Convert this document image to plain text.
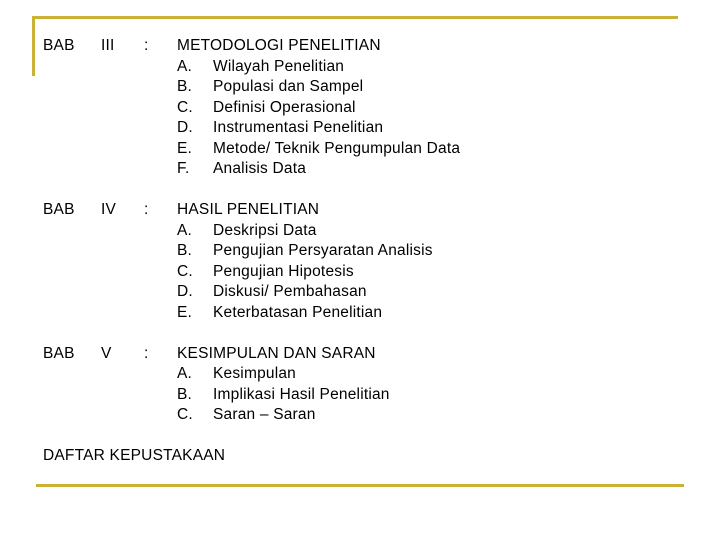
BAB	III	:	METODOLOGI PENELITIAN
A.	Wilayah Penelitian
B.	Populasi dan Sampel
C.	Definisi Operasional
D.	Instrumentasi Penelitian
E.	Metode/ Teknik Pengumpulan Data
F.	Analisis Data
BAB	IV	:	HASIL PENELITIAN
A.	Deskripsi Data
B.	Pengujian Persyaratan Analisis
C.	Pengujian Hipotesis
D.	Diskusi/ Pembahasan
E.	Keterbatasan Penelitian
BAB	V	:	KESIMPULAN DAN SARAN
A.	Kesimpulan
B.	Implikasi Hasil Penelitian
C.	Saran – Saran
DAFTAR KEPUSTAKAAN
